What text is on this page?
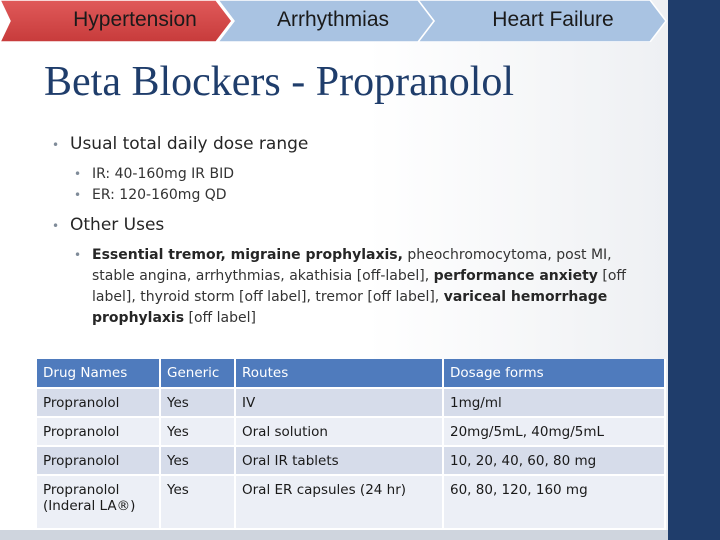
Heart Failure
Arrhythmias
Hypertension
Beta Blockers - Propranolol
• Usual total daily dose range
• IR: 40-160mg IR BID
• ER: 120-160mg QD
• Other Uses
• Essential tremor, migraine prophylaxis, pheochromocytoma, post MI, stable angina, arrhythmias, akathisia [off-label], performance anxiety [off label], thyroid storm [off label], tremor [off label], variceal hemorrhage prophylaxis [off label]
Drug Names	Generic	Routes	Dosage forms
Propranolol	Yes	IV	1mg/ml
Propranolol	Yes	Oral solution	20mg/5mL, 40mg/5mL
Propranolol	Yes	Oral IR tablets	10, 20, 40, 60, 80 mg
Propranolol
(Inderal LA®)	Yes	Oral ER capsules (24 hr)	60, 80, 120, 160 mg
